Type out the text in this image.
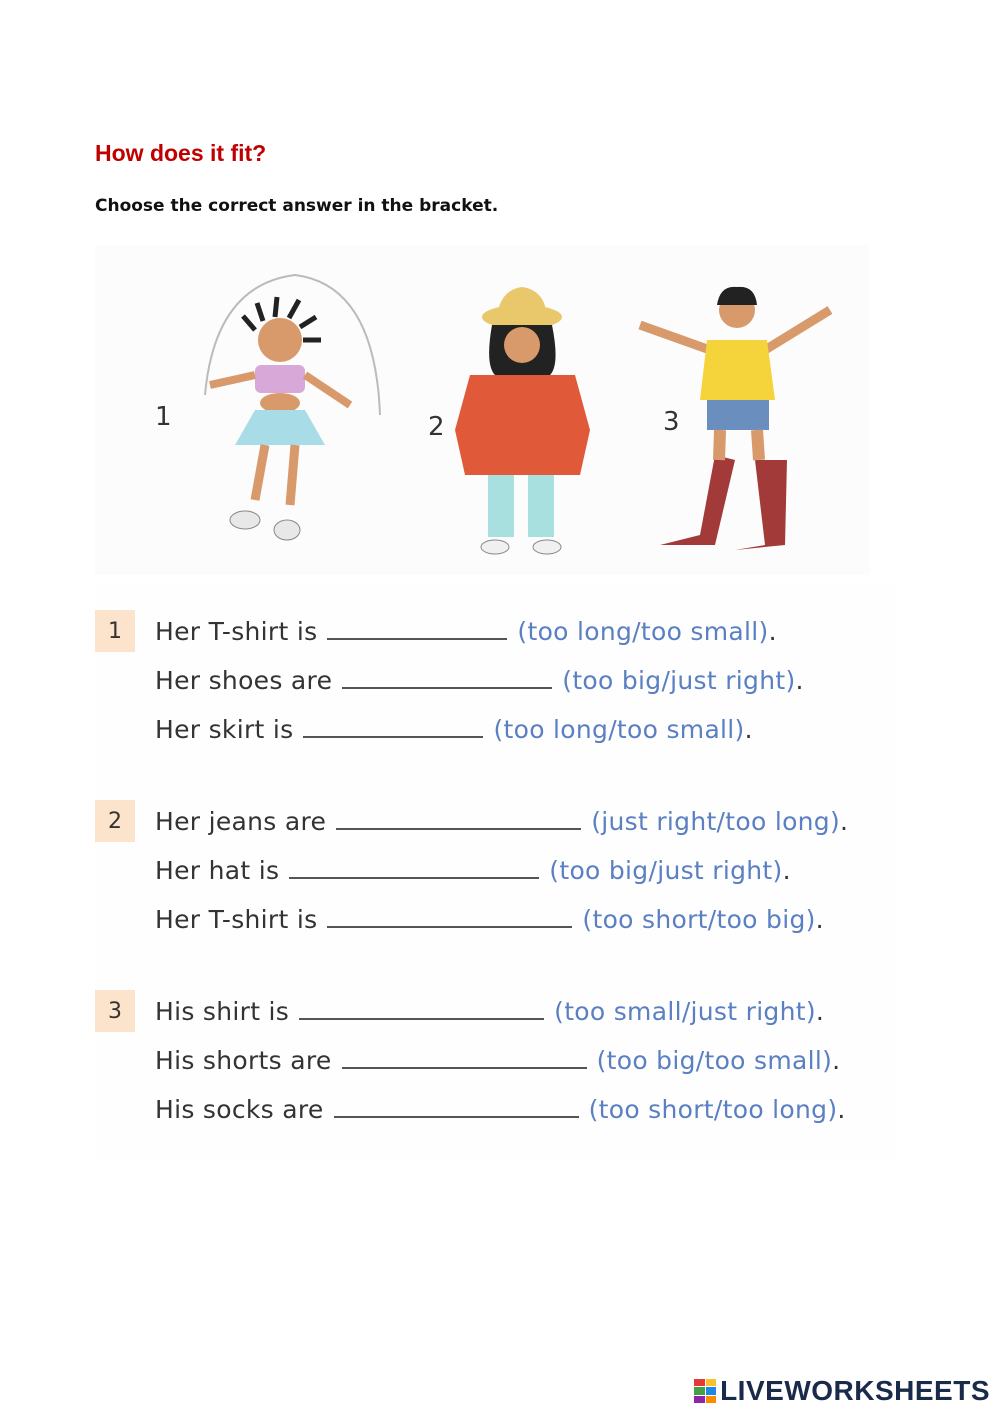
How does it fit?
Choose the correct answer in the bracket.
1	2	3
1	Her T-shirt is	(too long/too small) .
Her shoes are	(too big/just right) .
Her skirt is	(too long/too small) .
2	Her jeans are	(just right/too long) .
Her hat is	(too big/just right) .
Her T-shirt is	(too short/too big) .
3	His shirt is	(too small/just right) .
His shorts are	(too big/too small) .
His socks are	(too short/too long) .
LIVEWORKSHEETS
